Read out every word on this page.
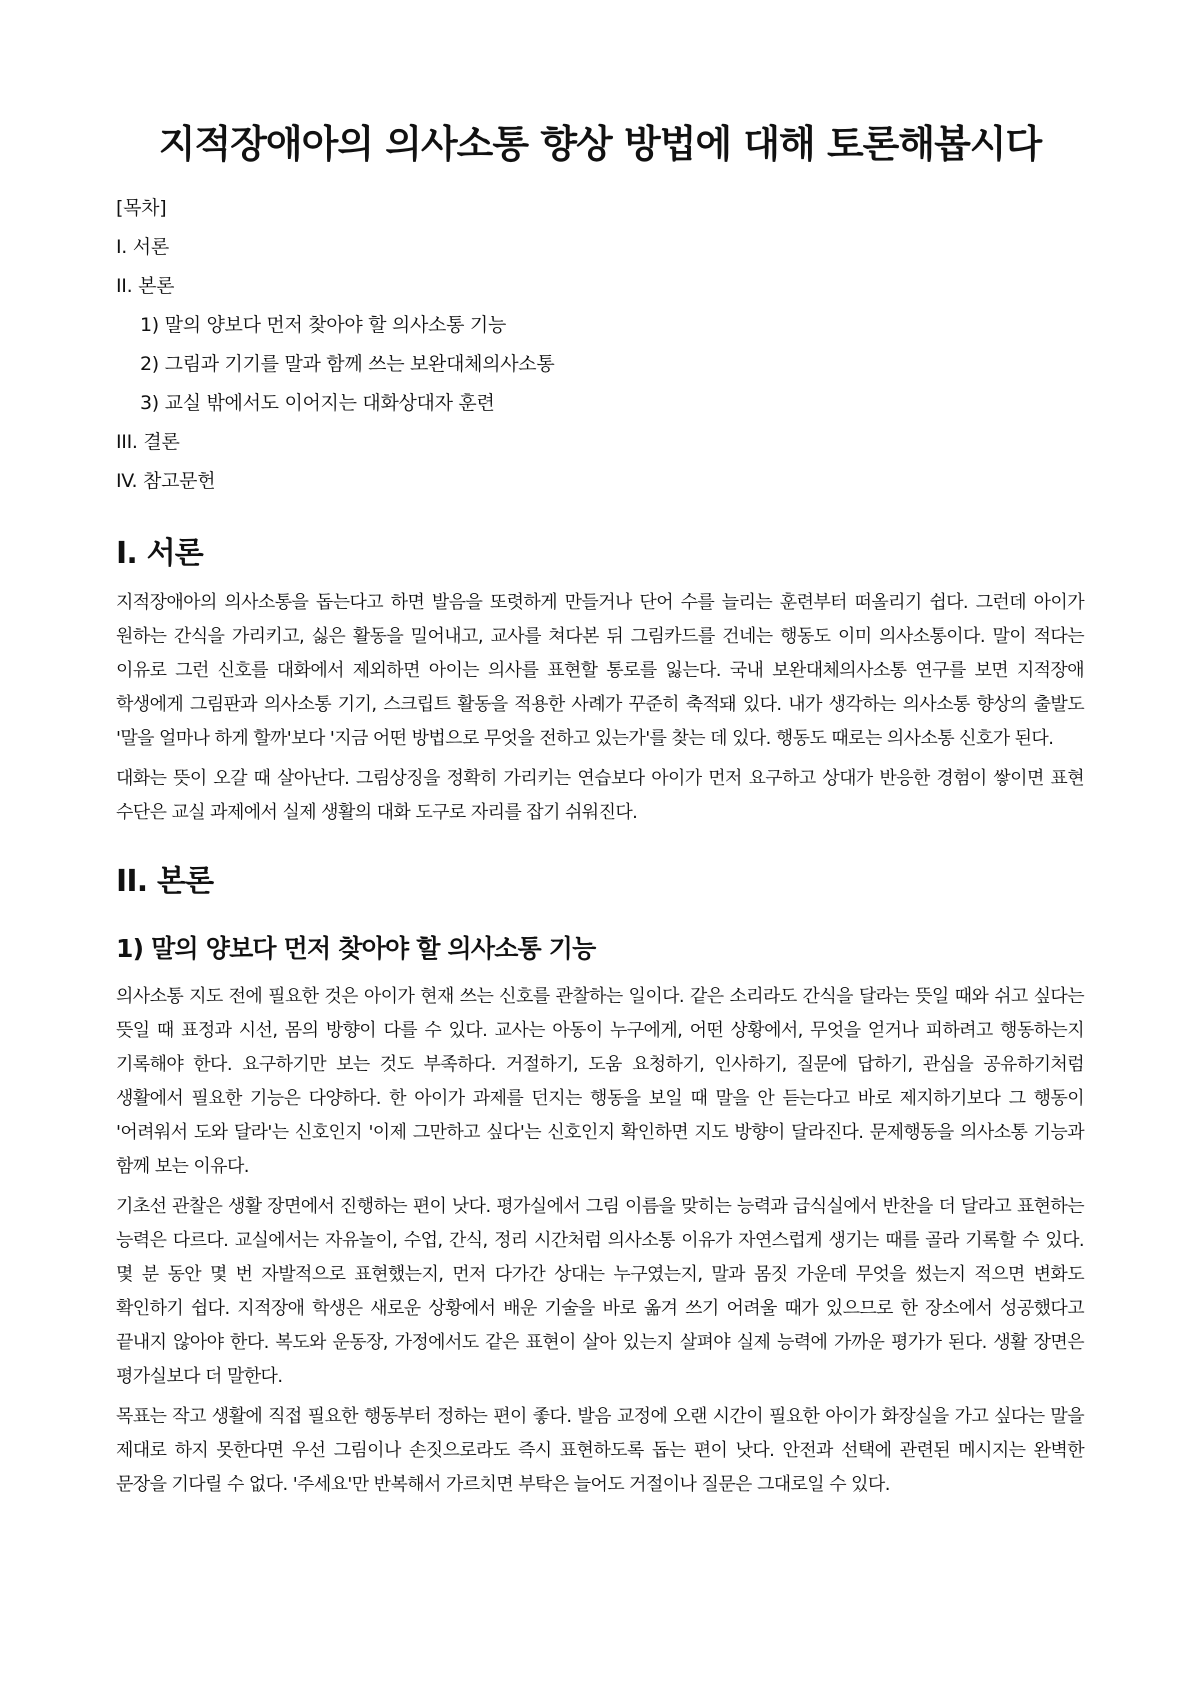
지적장애아의 의사소통 향상 방법에 대해 토론해봅시다
[목차]
I. 서론
II. 본론
1) 말의 양보다 먼저 찾아야 할 의사소통 기능
2) 그림과 기기를 말과 함께 쓰는 보완대체의사소통
3) 교실 밖에서도 이어지는 대화상대자 훈련
III. 결론
IV. 참고문헌
I. 서론

지적장애아의 의사소통을 돕는다고 하면 발음을 또렷하게 만들거나 단어 수를 늘리는 훈련부터 떠올리기 쉽다. 그런데 아이가 원하는 간식을 가리키고, 싫은 활동을 밀어내고, 교사를 쳐다본 뒤 그림카드를 건네는 행동도 이미 의사소통이다. 말이 적다는 이유로 그런 신호를 대화에서 제외하면 아이는 의사를 표현할 통로를 잃는다. 국내 보완대체의사소통 연구를 보면 지적장애 학생에게 그림판과 의사소통 기기, 스크립트 활동을 적용한 사례가 꾸준히 축적돼 있다. 내가 생각하는 의사소통 향상의 출발도 '말을 얼마나 하게 할까'보다 '지금 어떤 방법으로 무엇을 전하고 있는가'를 찾는 데 있다. 행동도 때로는 의사소통 신호가 된다.

대화는 뜻이 오갈 때 살아난다. 그림상징을 정확히 가리키는 연습보다 아이가 먼저 요구하고 상대가 반응한 경험이 쌓이면 표현 수단은 교실 과제에서 실제 생활의 대화 도구로 자리를 잡기 쉬워진다.

II. 본론
1) 말의 양보다 먼저 찾아야 할 의사소통 기능

의사소통 지도 전에 필요한 것은 아이가 현재 쓰는 신호를 관찰하는 일이다. 같은 소리라도 간식을 달라는 뜻일 때와 쉬고 싶다는 뜻일 때 표정과 시선, 몸의 방향이 다를 수 있다. 교사는 아동이 누구에게, 어떤 상황에서, 무엇을 얻거나 피하려고 행동하는지 기록해야 한다. 요구하기만 보는 것도 부족하다. 거절하기, 도움 요청하기, 인사하기, 질문에 답하기, 관심을 공유하기처럼 생활에서 필요한 기능은 다양하다. 한 아이가 과제를 던지는 행동을 보일 때 말을 안 듣는다고 바로 제지하기보다 그 행동이 '어려워서 도와 달라'는 신호인지 '이제 그만하고 싶다'는 신호인지 확인하면 지도 방향이 달라진다. 문제행동을 의사소통 기능과 함께 보는 이유다.

기초선 관찰은 생활 장면에서 진행하는 편이 낫다. 평가실에서 그림 이름을 맞히는 능력과 급식실에서 반찬을 더 달라고 표현하는 능력은 다르다. 교실에서는 자유놀이, 수업, 간식, 정리 시간처럼 의사소통 이유가 자연스럽게 생기는 때를 골라 기록할 수 있다. 몇 분 동안 몇 번 자발적으로 표현했는지, 먼저 다가간 상대는 누구였는지, 말과 몸짓 가운데 무엇을 썼는지 적으면 변화도 확인하기 쉽다. 지적장애 학생은 새로운 상황에서 배운 기술을 바로 옮겨 쓰기 어려울 때가 있으므로 한 장소에서 성공했다고 끝내지 않아야 한다. 복도와 운동장, 가정에서도 같은 표현이 살아 있는지 살펴야 실제 능력에 가까운 평가가 된다. 생활 장면은 평가실보다 더 말한다.

목표는 작고 생활에 직접 필요한 행동부터 정하는 편이 좋다. 발음 교정에 오랜 시간이 필요한 아이가 화장실을 가고 싶다는 말을 제대로 하지 못한다면 우선 그림이나 손짓으로라도 즉시 표현하도록 돕는 편이 낫다. 안전과 선택에 관련된 메시지는 완벽한 문장을 기다릴 수 없다. '주세요'만 반복해서 가르치면 부탁은 늘어도 거절이나 질문은 그대로일 수 있다.
